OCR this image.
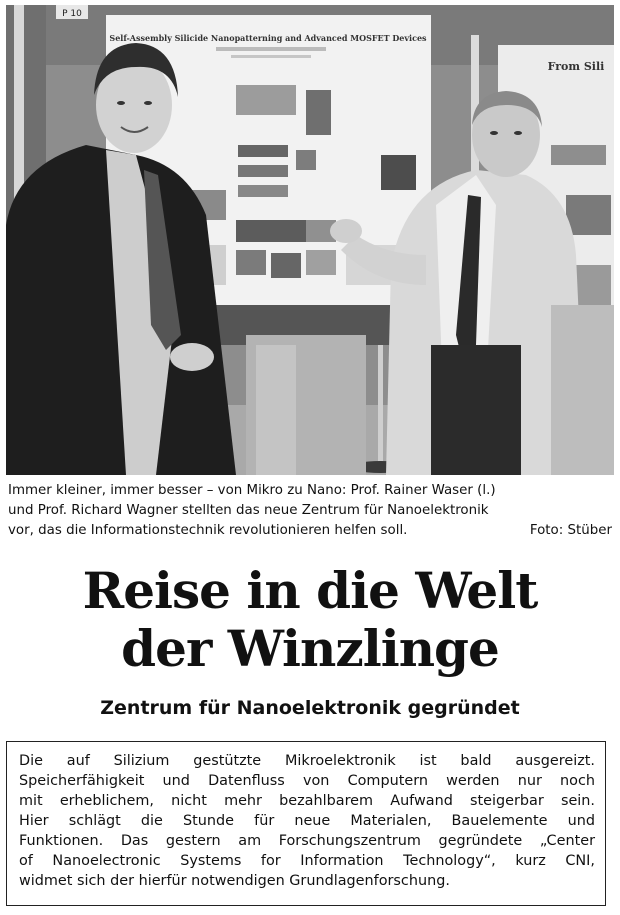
P 10
Self-Assembly Silicide Nanopatterning and Advanced MOSFET Devices
From Sili
Immer kleiner, immer besser – von Mikro zu Nano: Prof. Rainer Waser (l.)
und Prof. Richard Wagner stellten das neue Zentrum für Nanoelektronik
vor, das die Informationstechnik revolutionieren helfen soll.	Foto: Stüber
Reise in die Welt
der Winzlinge
Zentrum für Nanoelektronik gegründet
Die auf Silizium gestützte Mikroelektronik ist bald ausgereizt.
Speicherfähigkeit und Datenfluss von Computern werden nur noch
mit erheblichem, nicht mehr bezahlbarem Aufwand steigerbar sein.
Hier schlägt die Stunde für neue Materialen, Bauelemente und
Funktionen. Das gestern am Forschungszentrum gegründete „Center
of Nanoelectronic Systems for Information Technology“, kurz CNI,
widmet sich der hierfür notwendigen Grundlagenforschung.
